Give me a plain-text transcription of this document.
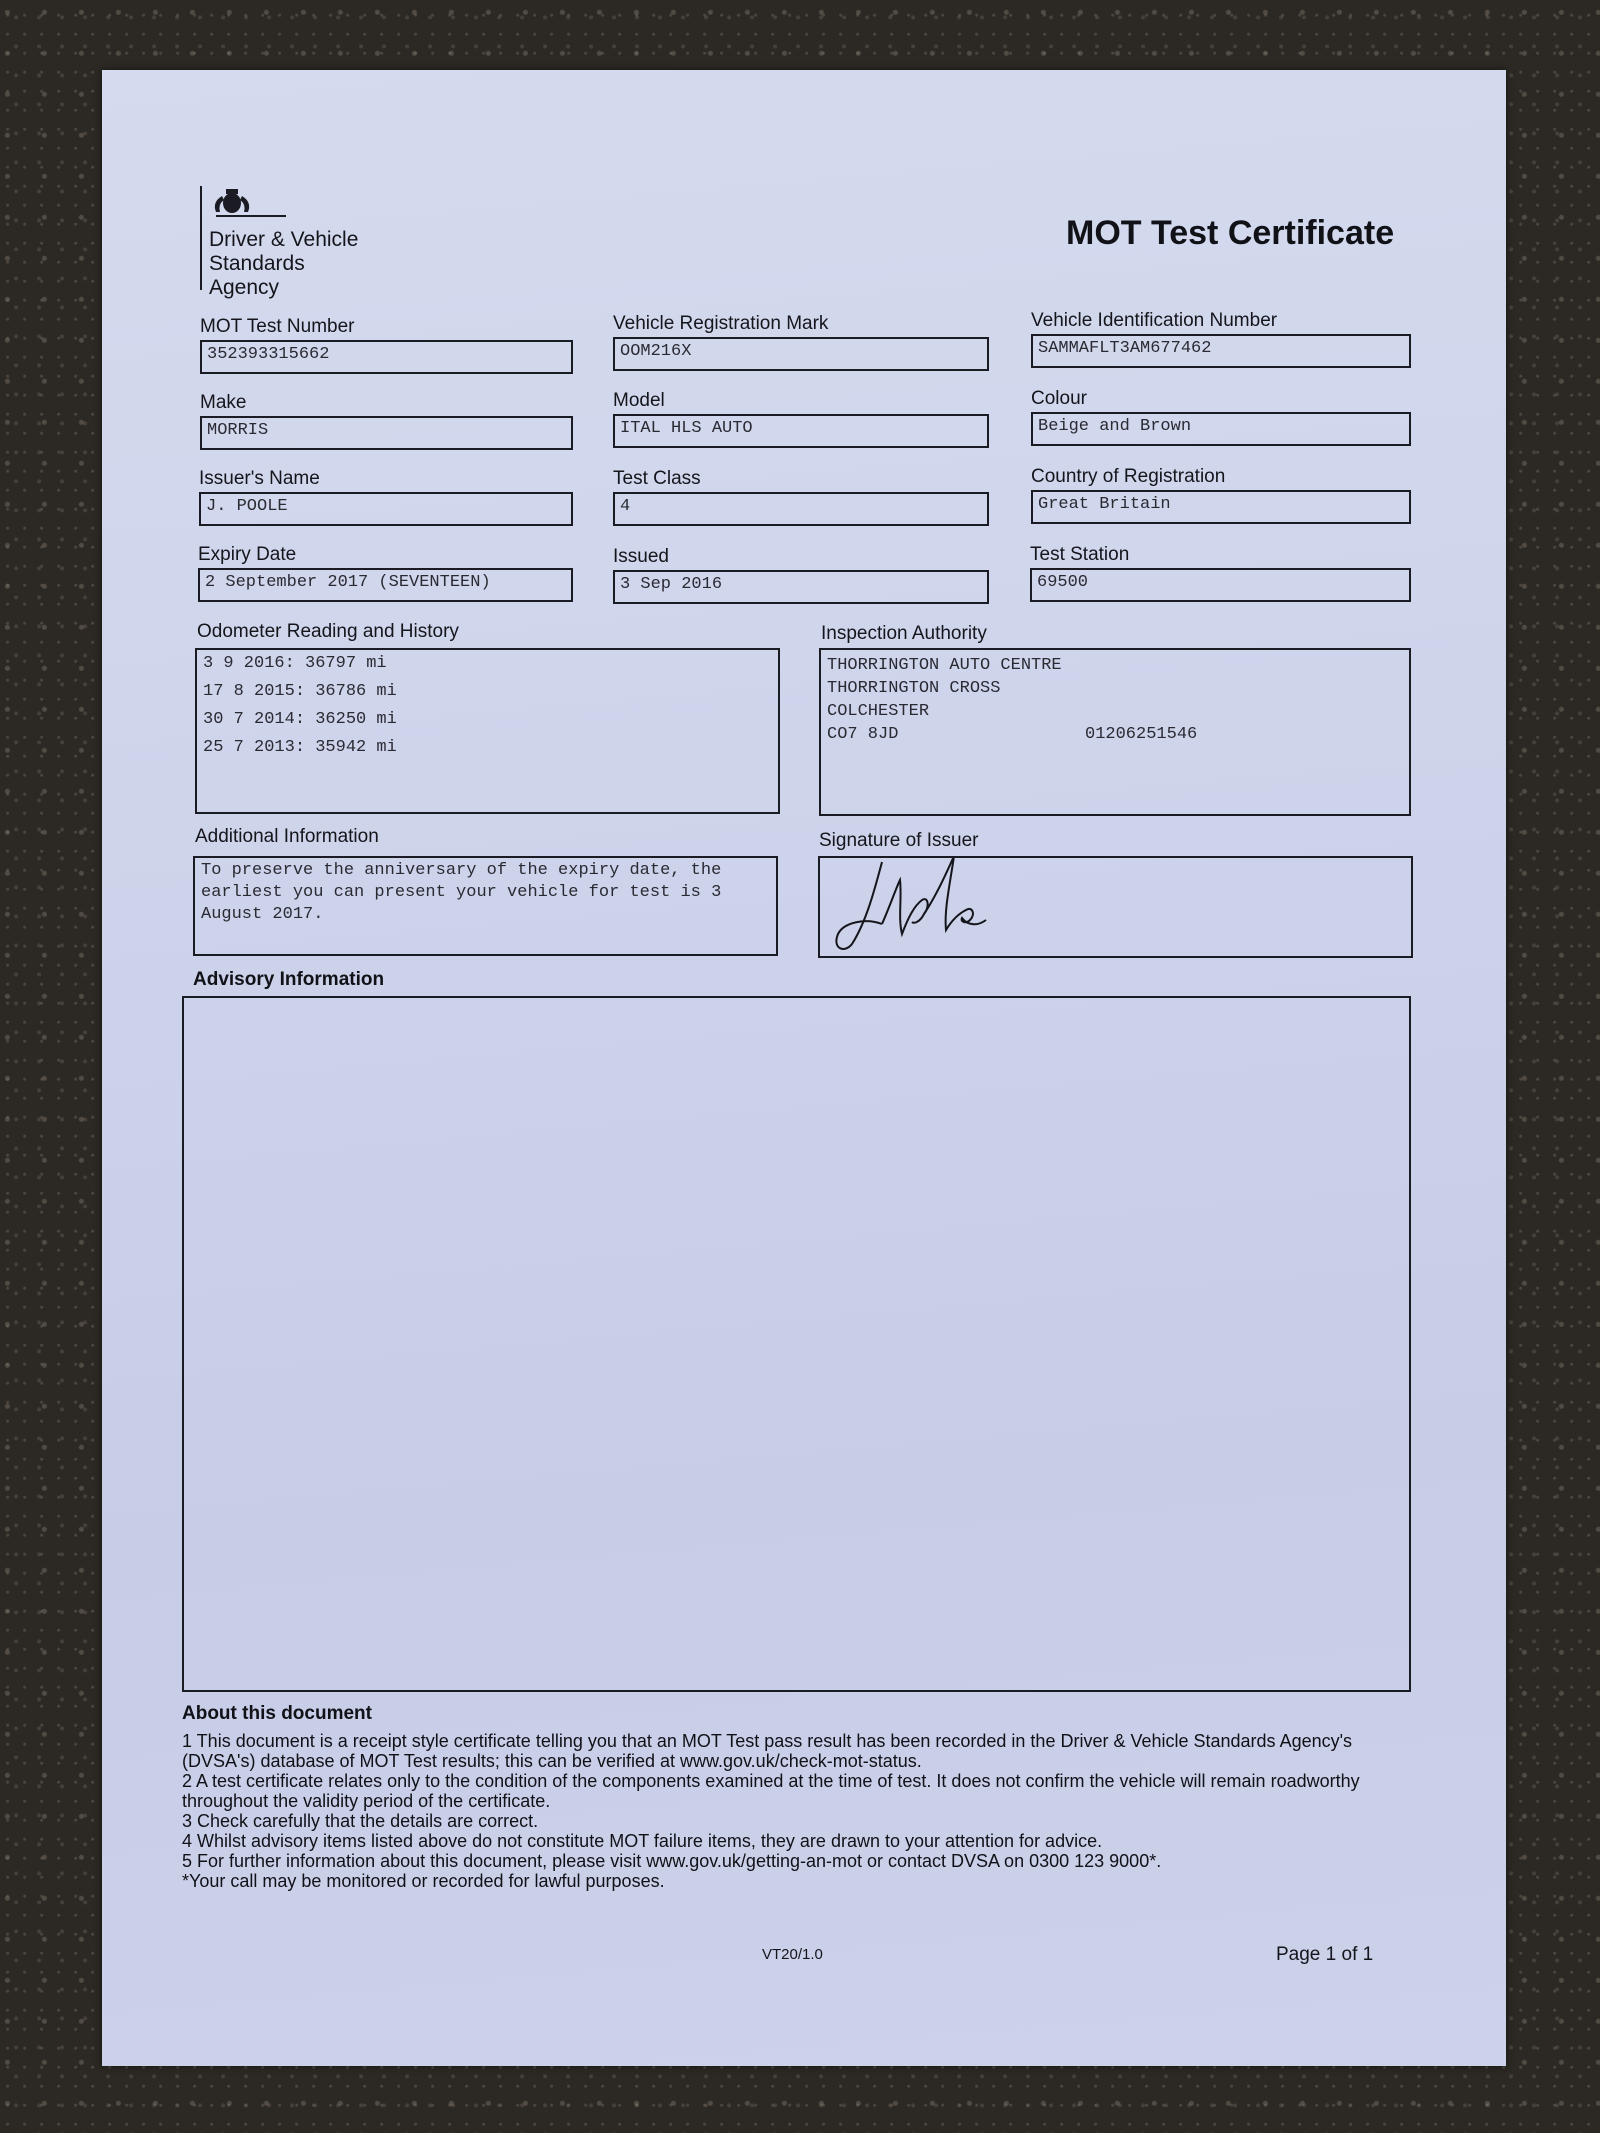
Driver & Vehicle
Standards
Agency
MOT Test Certificate
MOT Test Number
352393315662
Vehicle Registration Mark
OOM216X
Vehicle Identification Number
SAMMAFLT3AM677462
Make
MORRIS
Model
ITAL HLS AUTO
Colour
Beige and Brown
Issuer's Name
J. POOLE
Test Class
4
Country of Registration
Great Britain
Expiry Date
2 September 2017 (SEVENTEEN)
Issued
3 Sep 2016
Test Station
69500
Odometer Reading and History
3 9 2016: 36797 mi
17 8 2015: 36786 mi
30 7 2014: 36250 mi
25 7 2013: 35942 mi
Inspection Authority
THORRINGTON AUTO CENTRE
THORRINGTON CROSS
COLCHESTER
CO7 8JD	01206251546
Additional Information
To preserve the anniversary of the expiry date, the earliest you can present your vehicle for test is 3 August 2017.
Signature of Issuer
Advisory Information
About this document

1 This document is a receipt style certificate telling you that an MOT Test pass result has been recorded in the Driver & Vehicle Standards Agency's (DVSA's) database of MOT Test results; this can be verified at www.gov.uk/check-mot-status.

2 A test certificate relates only to the condition of the components examined at the time of test. It does not confirm the vehicle will remain roadworthy throughout the validity period of the certificate.

3 Check carefully that the details are correct.

4 Whilst advisory items listed above do not constitute MOT failure items, they are drawn to your attention for advice.

5 For further information about this document, please visit www.gov.uk/getting-an-mot or contact DVSA on 0300 123 9000*.

*Your call may be monitored or recorded for lawful purposes.

VT20/1.0	Page 1 of 1
